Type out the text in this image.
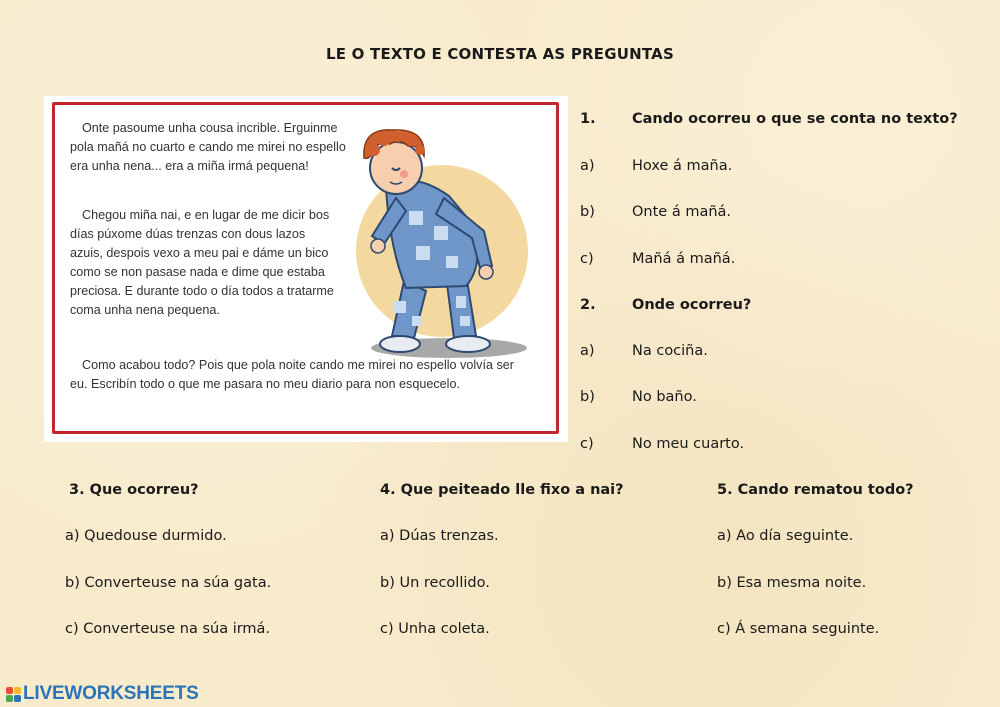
LE O TEXTO E CONTESTA AS PREGUNTAS

Onte pasoume unha cousa incrible. Erguinme pola mañá no cuarto e cando me mirei no espello era unha nena... era a miña irmá pequena!

Chegou miña nai, e en lugar de me dicir bos días púxome dúas trenzas con dous lazos azuis, despois vexo a meu pai e dáme un bico como se non pasase nada e dime que estaba preciosa. E durante todo o día todos a tratarme coma unha nena pequena.

Como acabou todo? Pois que pola noite cando me mirei no espello volvía ser eu. Escribín todo o que me pasara no meu diario para non esquecelo.

1.	Cando ocorreu o que se conta no texto?
a)	Hoxe á maña.
b)	Onte á mañá.
c)	Mañá á mañá.
2.	Onde ocorreu?
a)	Na cociña.
b)	No baño.
c)	No meu cuarto.
3. Que ocorreu?
a) Quedouse durmido.
b) Converteuse na súa gata.
c) Converteuse na súa irmá.
4. Que peiteado lle fixo a nai?
a) Dúas trenzas.
b) Un recollido.
c) Unha coleta.
5. Cando rematou todo?
a) Ao día seguinte.
b) Esa mesma noite.
c) Á semana seguinte.
LIVEWORKSHEETS
